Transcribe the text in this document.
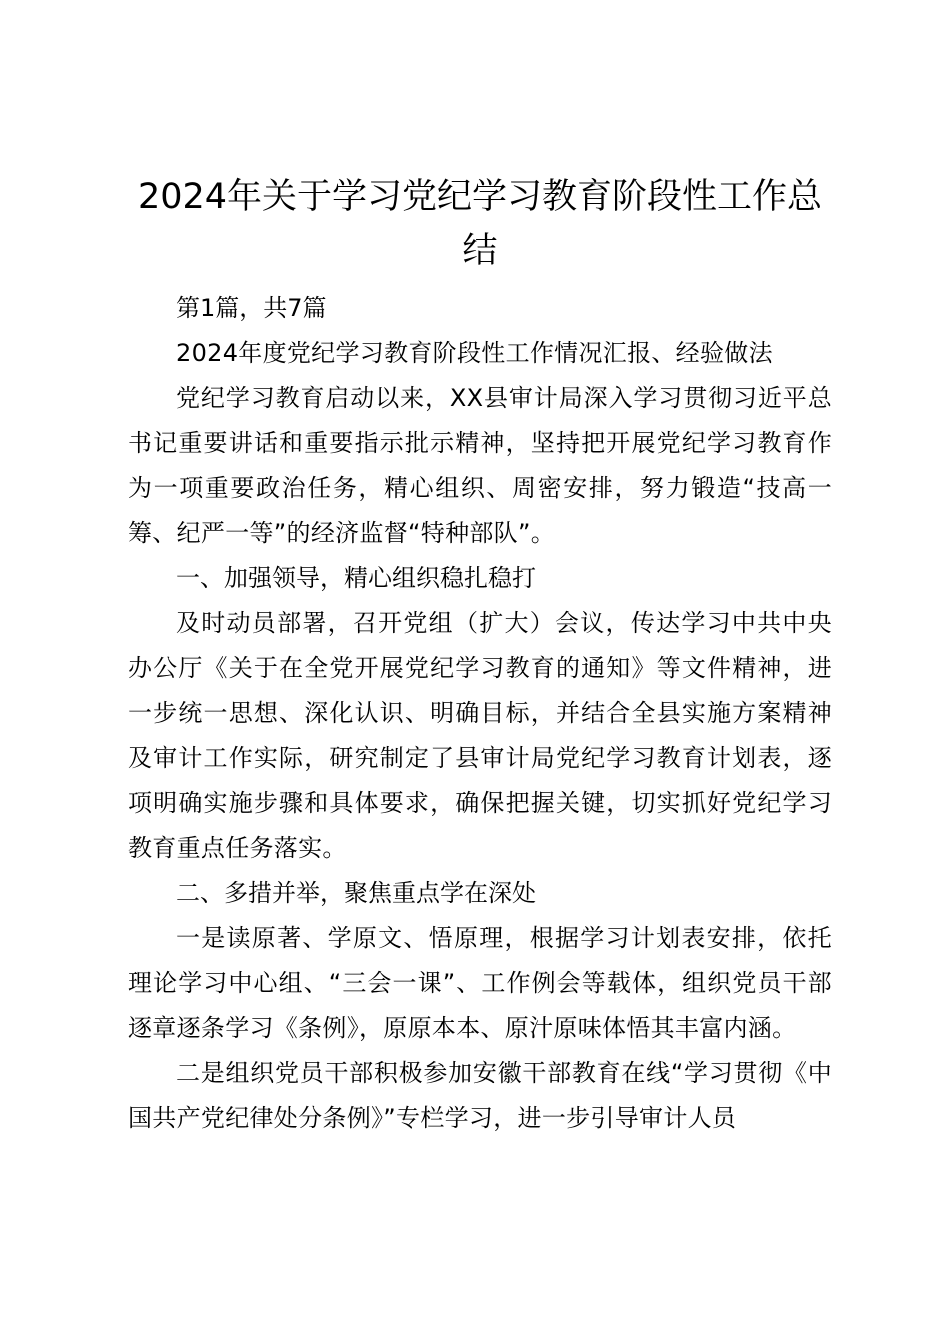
2024年关于学习党纪学习教育阶段性工作总结

第1篇，共7篇

2024年度党纪学习教育阶段性工作情况汇报、经验做法

党纪学习教育启动以来，XX县审计局深入学习贯彻习近平总书记重要讲话和重要指示批示精神，坚持把开展党纪学习教育作为一项重要政治任务，精心组织、周密安排，努力锻造“技高一筹、纪严一等”的经济监督“特种部队”。

一、加强领导，精心组织稳扎稳打

及时动员部署，召开党组（扩大）会议，传达学习中共中央办公厅《关于在全党开展党纪学习教育的通知》等文件精神，进一步统一思想、深化认识、明确目标，并结合全县实施方案精神及审计工作实际，研究制定了县审计局党纪学习教育计划表，逐项明确实施步骤和具体要求，确保把握关键，切实抓好党纪学习教育重点任务落实。

二、多措并举，聚焦重点学在深处

一是读原著、学原文、悟原理，根据学习计划表安排，依托理论学习中心组、“三会一课”、工作例会等载体，组织党员干部逐章逐条学习《条例》，原原本本、原汁原味体悟其丰富内涵。

二是组织党员干部积极参加安徽干部教育在线“学习贯彻《中国共产党纪律处分条例》”专栏学习，进一步引导审计人员
